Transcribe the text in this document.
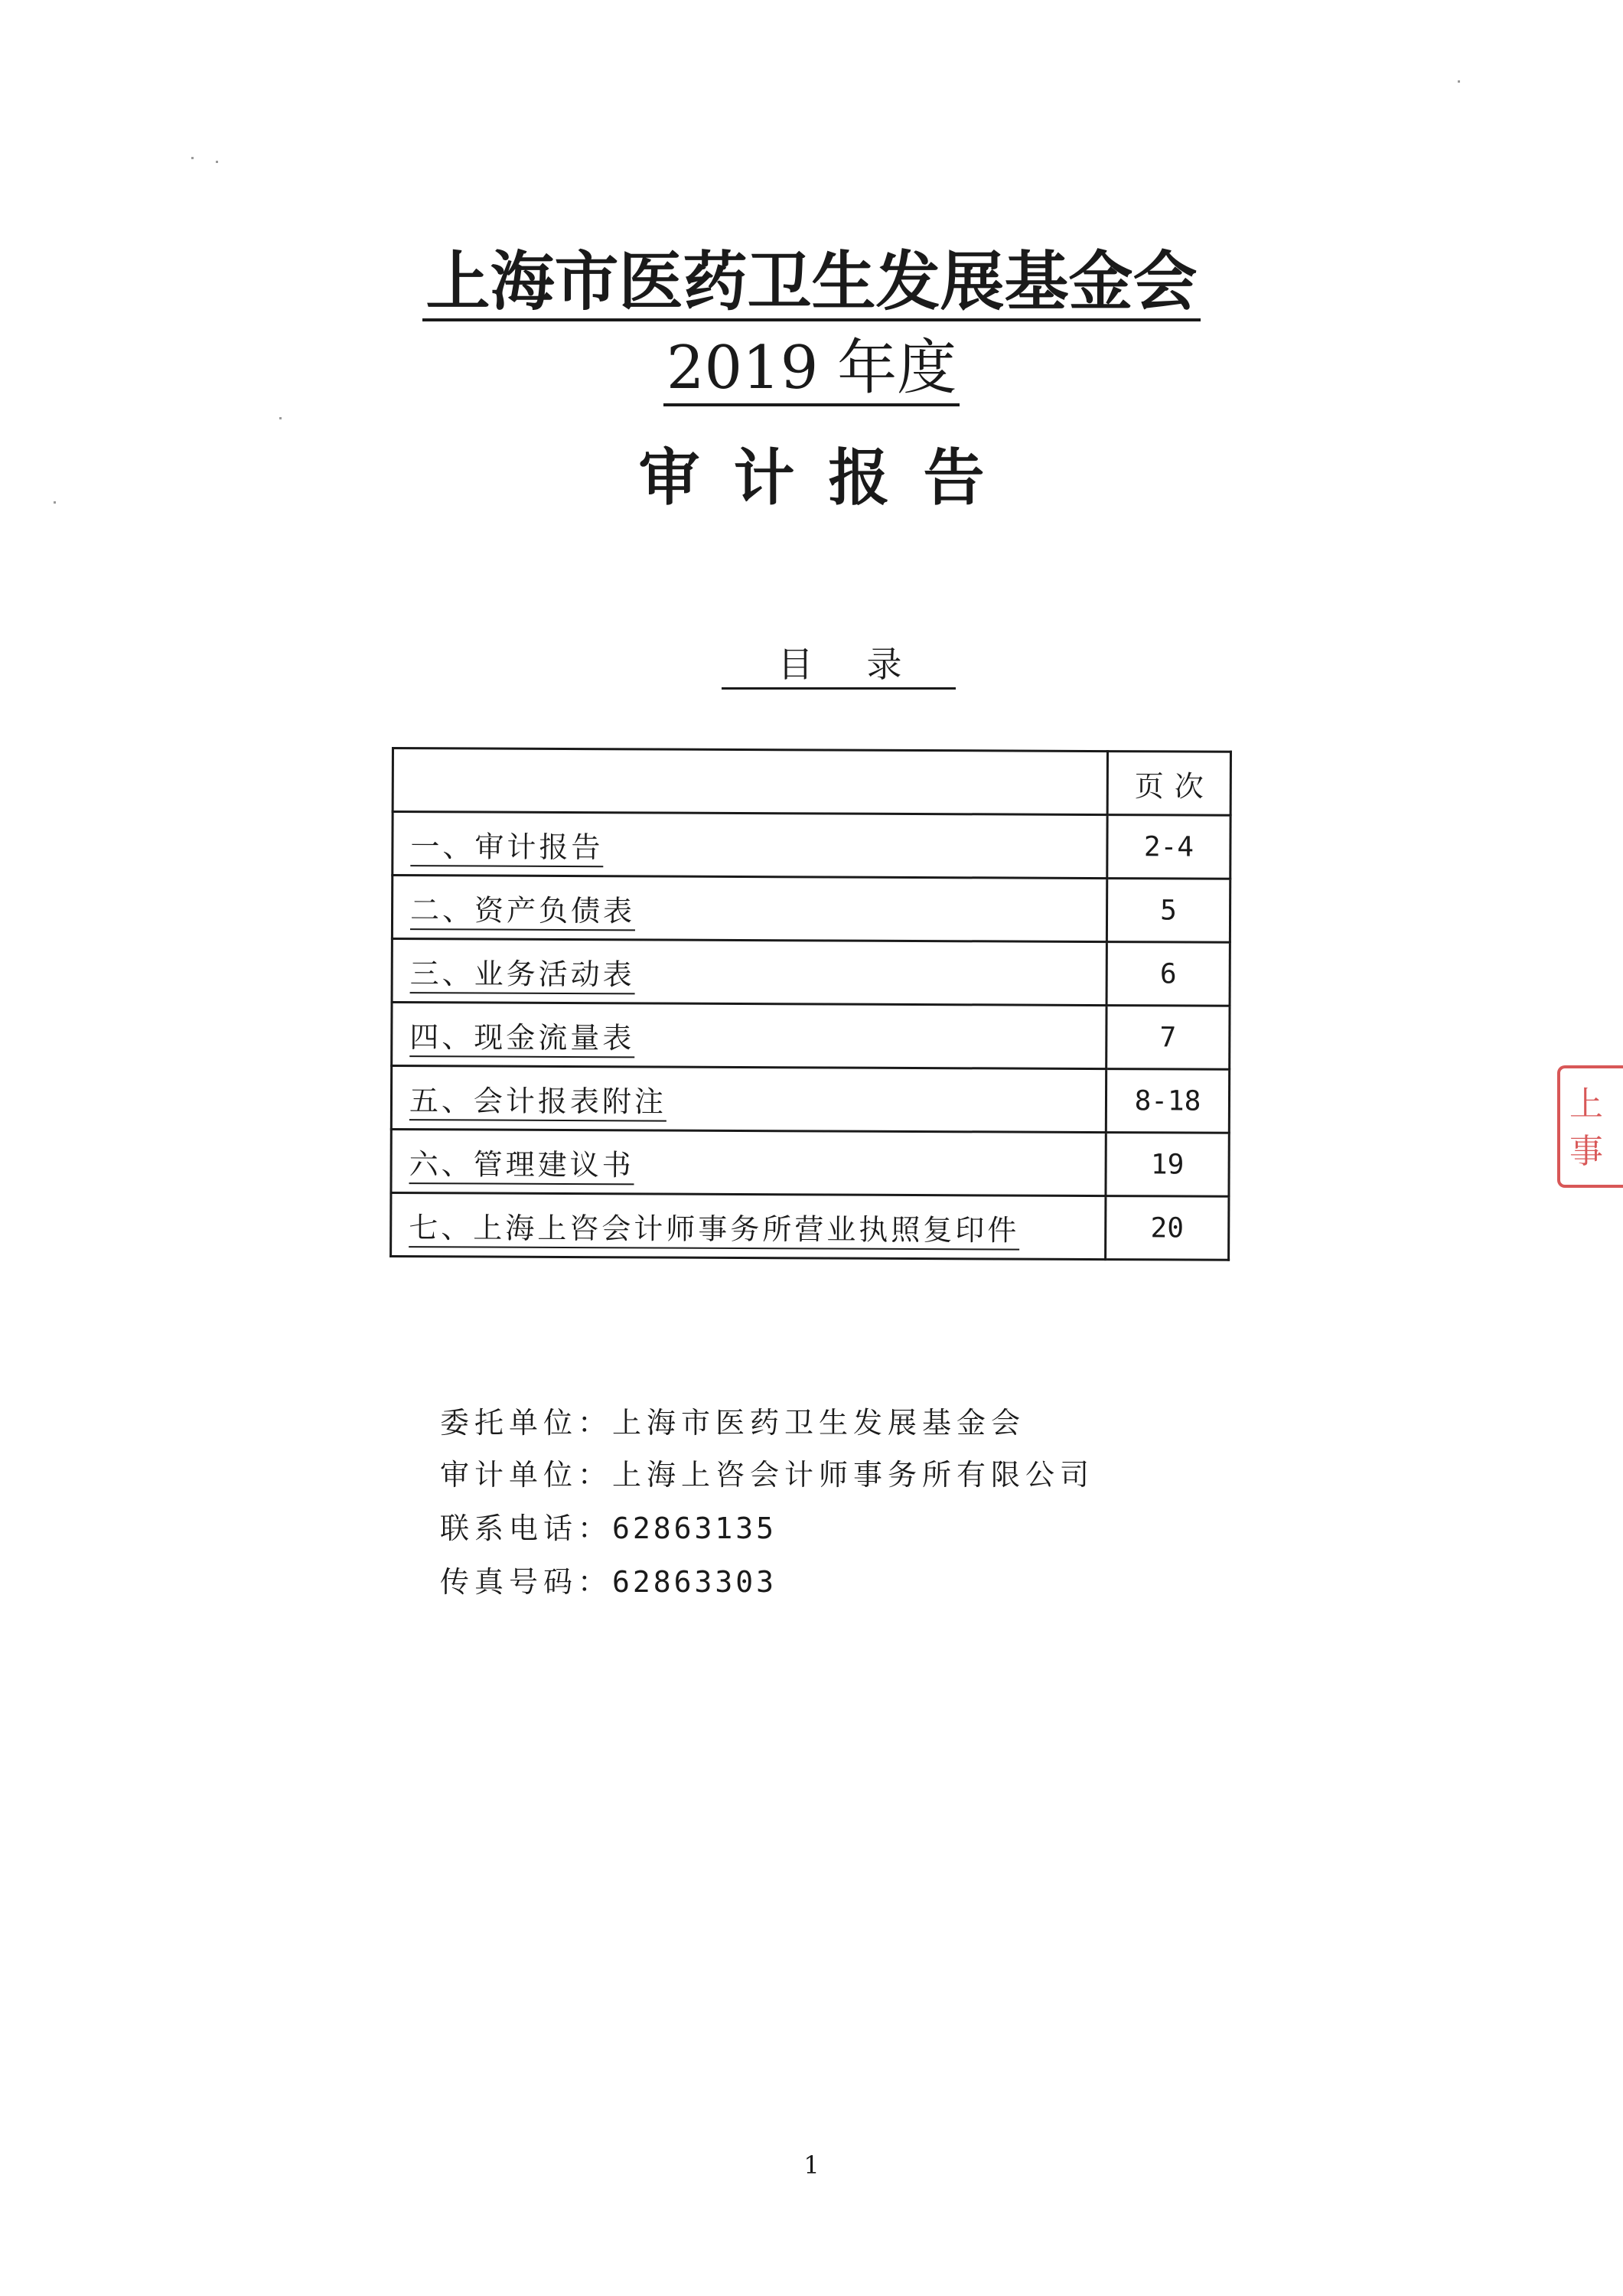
上海市医药卫生发展基金会
2019 年度
审计报告
目录
	页次
一、审计报告	2-4
二、资产负债表	5
三、业务活动表	6
四、现金流量表	7
五、会计报表附注	8-18
六、管理建议书	19
七、上海上咨会计师事务所营业执照复印件	20
委托单位：上海市医药卫生发展基金会
审计单位：上海上咨会计师事务所有限公司
联系电话：62863135
传真号码：62863303
1
上事
